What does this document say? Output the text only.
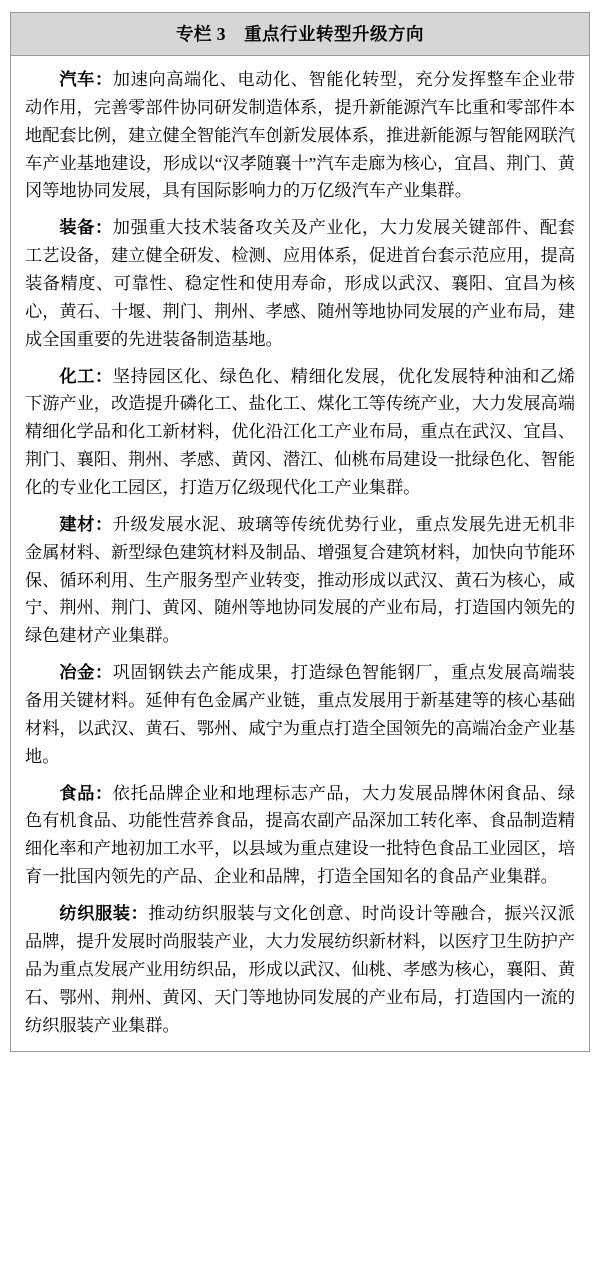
专栏 3 重点行业转型升级方向

汽车：加速向高端化、电动化、智能化转型，充分发挥整车企业带动作用，完善零部件协同研发制造体系，提升新能源汽车比重和零部件本地配套比例，建立健全智能汽车创新发展体系，推进新能源与智能网联汽车产业基地建设，形成以“汉孝随襄十”汽车走廊为核心，宜昌、荆门、黄冈等地协同发展，具有国际影响力的万亿级汽车产业集群。

装备：加强重大技术装备攻关及产业化，大力发展关键部件、配套工艺设备，建立健全研发、检测、应用体系，促进首台套示范应用，提高装备精度、可靠性、稳定性和使用寿命，形成以武汉、襄阳、宜昌为核心，黄石、十堰、荆门、荆州、孝感、随州等地协同发展的产业布局，建成全国重要的先进装备制造基地。

化工：坚持园区化、绿色化、精细化发展，优化发展特种油和乙烯下游产业，改造提升磷化工、盐化工、煤化工等传统产业，大力发展高端精细化学品和化工新材料，优化沿江化工产业布局，重点在武汉、宜昌、荆门、襄阳、荆州、孝感、黄冈、潜江、仙桃布局建设一批绿色化、智能化的专业化工园区，打造万亿级现代化工产业集群。

建材：升级发展水泥、玻璃等传统优势行业，重点发展先进无机非金属材料、新型绿色建筑材料及制品、增强复合建筑材料，加快向节能环保、循环利用、生产服务型产业转变，推动形成以武汉、黄石为核心，咸宁、荆州、荆门、黄冈、随州等地协同发展的产业布局，打造国内领先的绿色建材产业集群。

冶金：巩固钢铁去产能成果，打造绿色智能钢厂，重点发展高端装备用关键材料。延伸有色金属产业链，重点发展用于新基建等的核心基础材料，以武汉、黄石、鄂州、咸宁为重点打造全国领先的高端冶金产业基地。

食品：依托品牌企业和地理标志产品，大力发展品牌休闲食品、绿色有机食品、功能性营养食品，提高农副产品深加工转化率、食品制造精细化率和产地初加工水平，以县域为重点建设一批特色食品工业园区，培育一批国内领先的产品、企业和品牌，打造全国知名的食品产业集群。

纺织服装：推动纺织服装与文化创意、时尚设计等融合，振兴汉派品牌，提升发展时尚服装产业，大力发展纺织新材料，以医疗卫生防护产品为重点发展产业用纺织品，形成以武汉、仙桃、孝感为核心，襄阳、黄石、鄂州、荆州、黄冈、天门等地协同发展的产业布局，打造国内一流的纺织服装产业集群。
